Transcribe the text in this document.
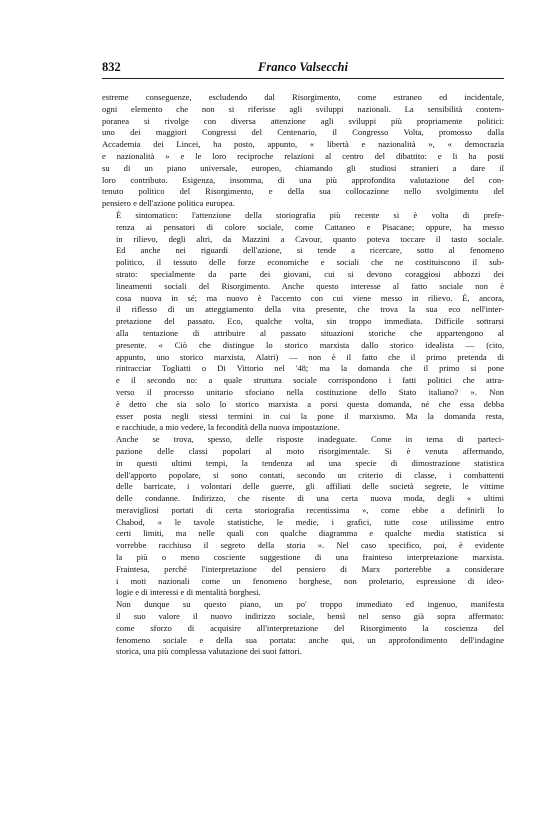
832	Franco Valsecchi

estreme conseguenze, escludendo dal Risorgimento, come estraneo ed incidentale,
ogni elemento che non si riferisse agli sviluppi nazionali. La sensibilità contem-
poranea si rivolge con diversa attenzione agli sviluppi più propriamente politici:
uno dei maggiori Congressi del Centenario, il Congresso Volta, promosso dalla
Accademia dei Lincei, ha posto, appunto, « libertà e nazionalità », « democrazia
e nazionalità » e le loro reciproche relazioni al centro del dibattito: e li ha posti
su di un piano universale, europeo, chiamando gli studiosi stranieri a dare il
loro contributo. Esigenza, insomma, di una più approfondita valutazione del con-
tenuto politico del Risorgimento, e della sua collocazione nello svolgimento del
pensiero e dell'azione politica europea.

È sintomatico: l'attenzione della storiografia più recente si è volta di prefe-
renza ai pensatori di colore sociale, come Cattaneo e Pisacane; oppure, ha messo
in rilievo, degli altri, da Mazzini a Cavour, quanto poteva toccare il tasto sociale.
Ed anche nei riguardi dell'azione, si tende a ricercare, sotto al fenomeno
politico, il tessuto delle forze economiche e sociali che ne costituiscono il sub-
strato: specialmente da parte dei giovani, cui si devono coraggiosi abbozzi dei
lineamenti sociali del Risorgimento. Anche questo interesse al fatto sociale non è
cosa nuova in sé; ma nuovo è l'accento con cui viene messo in rilievo. È, ancora,
il riflesso di un atteggiamento della vita presente, che trova la sua eco nell'inter-
pretazione del passato. Eco, qualche volta, sin troppo immediata. Difficile sottrarsi
alla tentazione di attribuire al passato situazioni storiche che appartengono al
presente. « Ciò che distingue lo storico marxista dallo storico idealista — (cito,
appunto, uno storico marxista, Alatri) — non è il fatto che il primo pretenda di
rintracciar Togliatti o Di Vittorio nel '48; ma la domanda che il primo si pone
e il secondo no: a quale struttura sociale corrispondono i fatti politici che attra-
verso il processo unitario sfociano nella costituzione dello Stato italiano? ». Non
è detto che sia solo lo storico marxista a porsi questa domanda, né che essa debba
esser posta negli stessi termini in cui la pone il marxismo. Ma la domanda resta,
e racchiude, a mio vedere, la fecondità della nuova impostazione.

Anche se trova, spesso, delle risposte inadeguate. Come in tema di parteci-
pazione delle classi popolari al moto risorgimentale. Si è venuta affermando,
in questi ultimi tempi, la tendenza ad una specie di dimostrazione statistica
dell'apporto popolare, si sono contati, secondo un criterio di classe, i combattenti
delle barricate, i volontari delle guerre, gli affiliati delle società segrete, le vittime
delle condanne. Indirizzo, che risente di una certa nuova moda, degli « ultimi
meravigliosi portati di certa storiografia recentissima », come ebbe a definirli lo
Chabod, « le tavole statistiche, le medie, i grafici, tutte cose utilissime entro
certi limiti, ma nelle quali con qualche diagramma e qualche media statistica si
vorrebbe racchiuso il segreto della storia ». Nel caso specifico, poi, è evidente
la più o meno cosciente suggestione di una frainteso interpretazione marxista.
Fraintesa, perché l'interpretazione del pensiero di Marx porterebbe a considerare
i moti nazionali come un fenomeno borghese, non proletario, espressione di ideo-
logie e di interessi e di mentalità borghesi.

Non dunque su questo piano, un po' troppo immediato ed ingenuo, manifesta
il suo valore il nuovo indirizzo sociale, bensì nel senso già sopra affermato:
come sforzo di acquisire all'interpretazione del Risorgimento la coscienza del
fenomeno sociale e della sua portata: anche qui, un approfondimento dell'indagine
storica, una più complessa valutazione dei suoi fattori.
